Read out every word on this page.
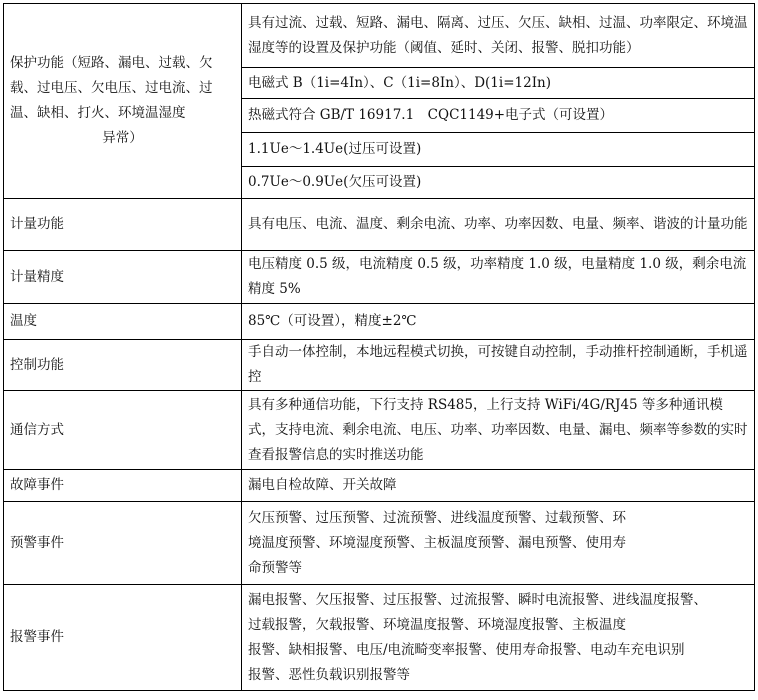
保护功能（短路、漏电、过载、欠载、过电压、欠电压、过电流、过温、缺相、打火、环境温湿度
异常）	具有过流、过载、短路、漏电、隔离、过压、欠压、缺相、过温、功率限定、环境温湿度等的设置及保护功能（阈值、延时、关闭、报警、脱扣功能）
	电磁式 B（1i=4In）、C（1i=8In）、D(1i=12In)
	热磁式符合 GB/T 16917.1　CQC1149+电子式（可设置）
	1.1Ue～1.4Ue(过压可设置)
	0.7Ue～0.9Ue(欠压可设置)
计量功能	具有电压、电流、温度、剩余电流、功率、功率因数、电量、频率、谐波的计量功能
计量精度	电压精度 0.5 级，电流精度 0.5 级，功率精度 1.0 级，电量精度 1.0 级，剩余电流精度 5%
温度	85℃（可设置），精度±2℃
控制功能	手自动一体控制，本地远程模式切换，可按键自动控制，手动推杆控制通断，手机遥控
通信方式	具有多种通信功能，下行支持 RS485，上行支持 WiFi/4G/RJ45 等多种通讯模式，支持电流、剩余电流、电压、功率、功率因数、电量、漏电、频率等参数的实时查看报警信息的实时推送功能
故障事件	漏电自检故障、开关故障
预警事件	欠压预警、过压预警、过流预警、进线温度预警、过载预警、环
境温度预警、环境湿度预警、主板温度预警、漏电预警、使用寿
命预警等

报警事件	漏电报警、欠压报警、过压报警、过流报警、瞬时电流报警、进线温度报警、
过载报警，欠载报警、环境温度报警、环境湿度报警、主板温度
报警、缺相报警、电压/电流畸变率报警、使用寿命报警、电动车充电识别
报警、恶性负载识别报警等
